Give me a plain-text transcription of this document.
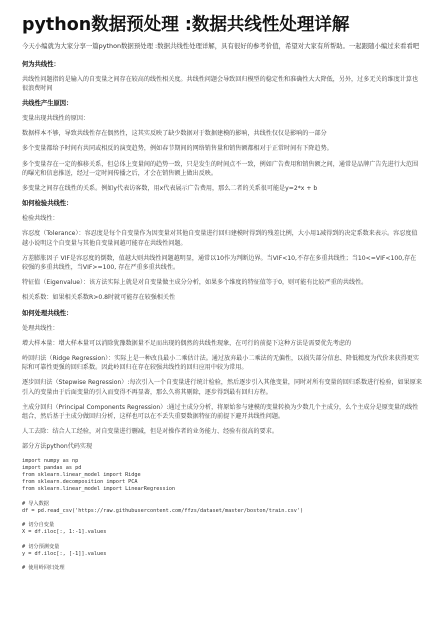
python数据预处理 :数据共线性处理详解

今天小编就为大家分享一篇python数据预处理 :数据共线性处理详解，具有很好的参考价值，希望对大家有所帮助。一起跟随小编过来看看吧

何为共线性：

共线性问题指的是输入的自变量之间存在较高的线性相关度。共线性问题会导致回归模型的稳定性和准确性大大降低，另外，过多无关的维度计算也很浪费时间

共线性产生原因：

变量出现共线性的原因：

数据样本不够，导致共线性存在偶然性，这其实反映了缺少数据对于数据建模的影响，共线性仅仅是影响的一部分

多个变量都给予时间有共同或相反的演变趋势，例如春节期间的网络销售量和销售额都相对于正常时间有下降趋势。

多个变量存在一定的推移关系，但总体上变量间的趋势一致，只是发生的时间点不一致，例如广告费用和销售额之间，通常是品牌广告先进行大范围的曝光和信息推送，经过一定时间传播之后，才会在销售额上做出反映。

多变量之间存在线性的关系。例如y代表访客数，用x代表展示广告费用，那么二者的关系很可能是y=2*x + b

如何检验共线性：

检验共线性：

容忍度（Tolerance）：容忍度是每个自变量作为因变量对其他自变量进行回归建模时得到的残差比例，大小用1减得到的决定系数来表示。容忍度值越小说明这个自变量与其他自变量间越可能存在共线性问题。

方差膨胀因子 VIF是容忍度的倒数，值越大则共线性问题越明显，通常以10作为判断边界。当VIF<10,不存在多重共线性；当10<=VIF<100,存在较强的多重共线性，当VIF>=100, 存在严重多重共线性。

特征值（Eigenvalue）：该方法实际上就是对自变量做主成分分析，如果多个维度的特征值等于0，则可能有比较严重的共线性。

相关系数：如果相关系数R>0.8时就可能存在较强相关性

如何处理共线性：

处理共线性：

增大样本量：增大样本量可以消除犹豫数据量不足而出现的偶然的共线性现象，在可行的前提下这种方法是需要优先考虑的

岭回归法（Ridge Regression）：实际上是一种改良最小二乘估计法。通过放弃最小二乘法的无偏性，以损失部分信息、降低精度为代价来获得更实际和可靠性更强的回归系数。因此岭回归在存在较强共线性的回归应用中较为常用。

逐步回归法（Stepwise Regression）:每次引入一个自变量进行统计检验，然后逐步引入其他变量，同时对所有变量的回归系数进行检验，如果原来引入的变量由于后面变量的引入而变得不再显著，那么久将其剔除，逐步得到最有回归方程。

主成分回归（Principal Components Regression）:通过主成分分析，将原始参与建模的变量转换为少数几个主成分，么个主成分是原变量的线性组合，然后基于主成分做回归分析，这样也可以在不丢失重要数据特征的前提下避开共线性问题。

人工去除：结合人工经验，对自变量进行删减，但是对操作者的业务能力、经验有很高的要求。

部分方法python代码实现

import numpy as np

import pandas as pd

from sklearn.linear_model import Ridge

from sklearn.decomposition import PCA

from sklearn.linear_model import LinearRegression

# 导入数据

df = pd.read_csv('https://raw.githubusercontent.com/ffzs/dataset/master/boston/train.csv')

# 切分自变量

X = df.iloc[:, 1:-1].values

# 切分预测变量

y = df.iloc[:, [-1]].values

# 使用岭回归处理
